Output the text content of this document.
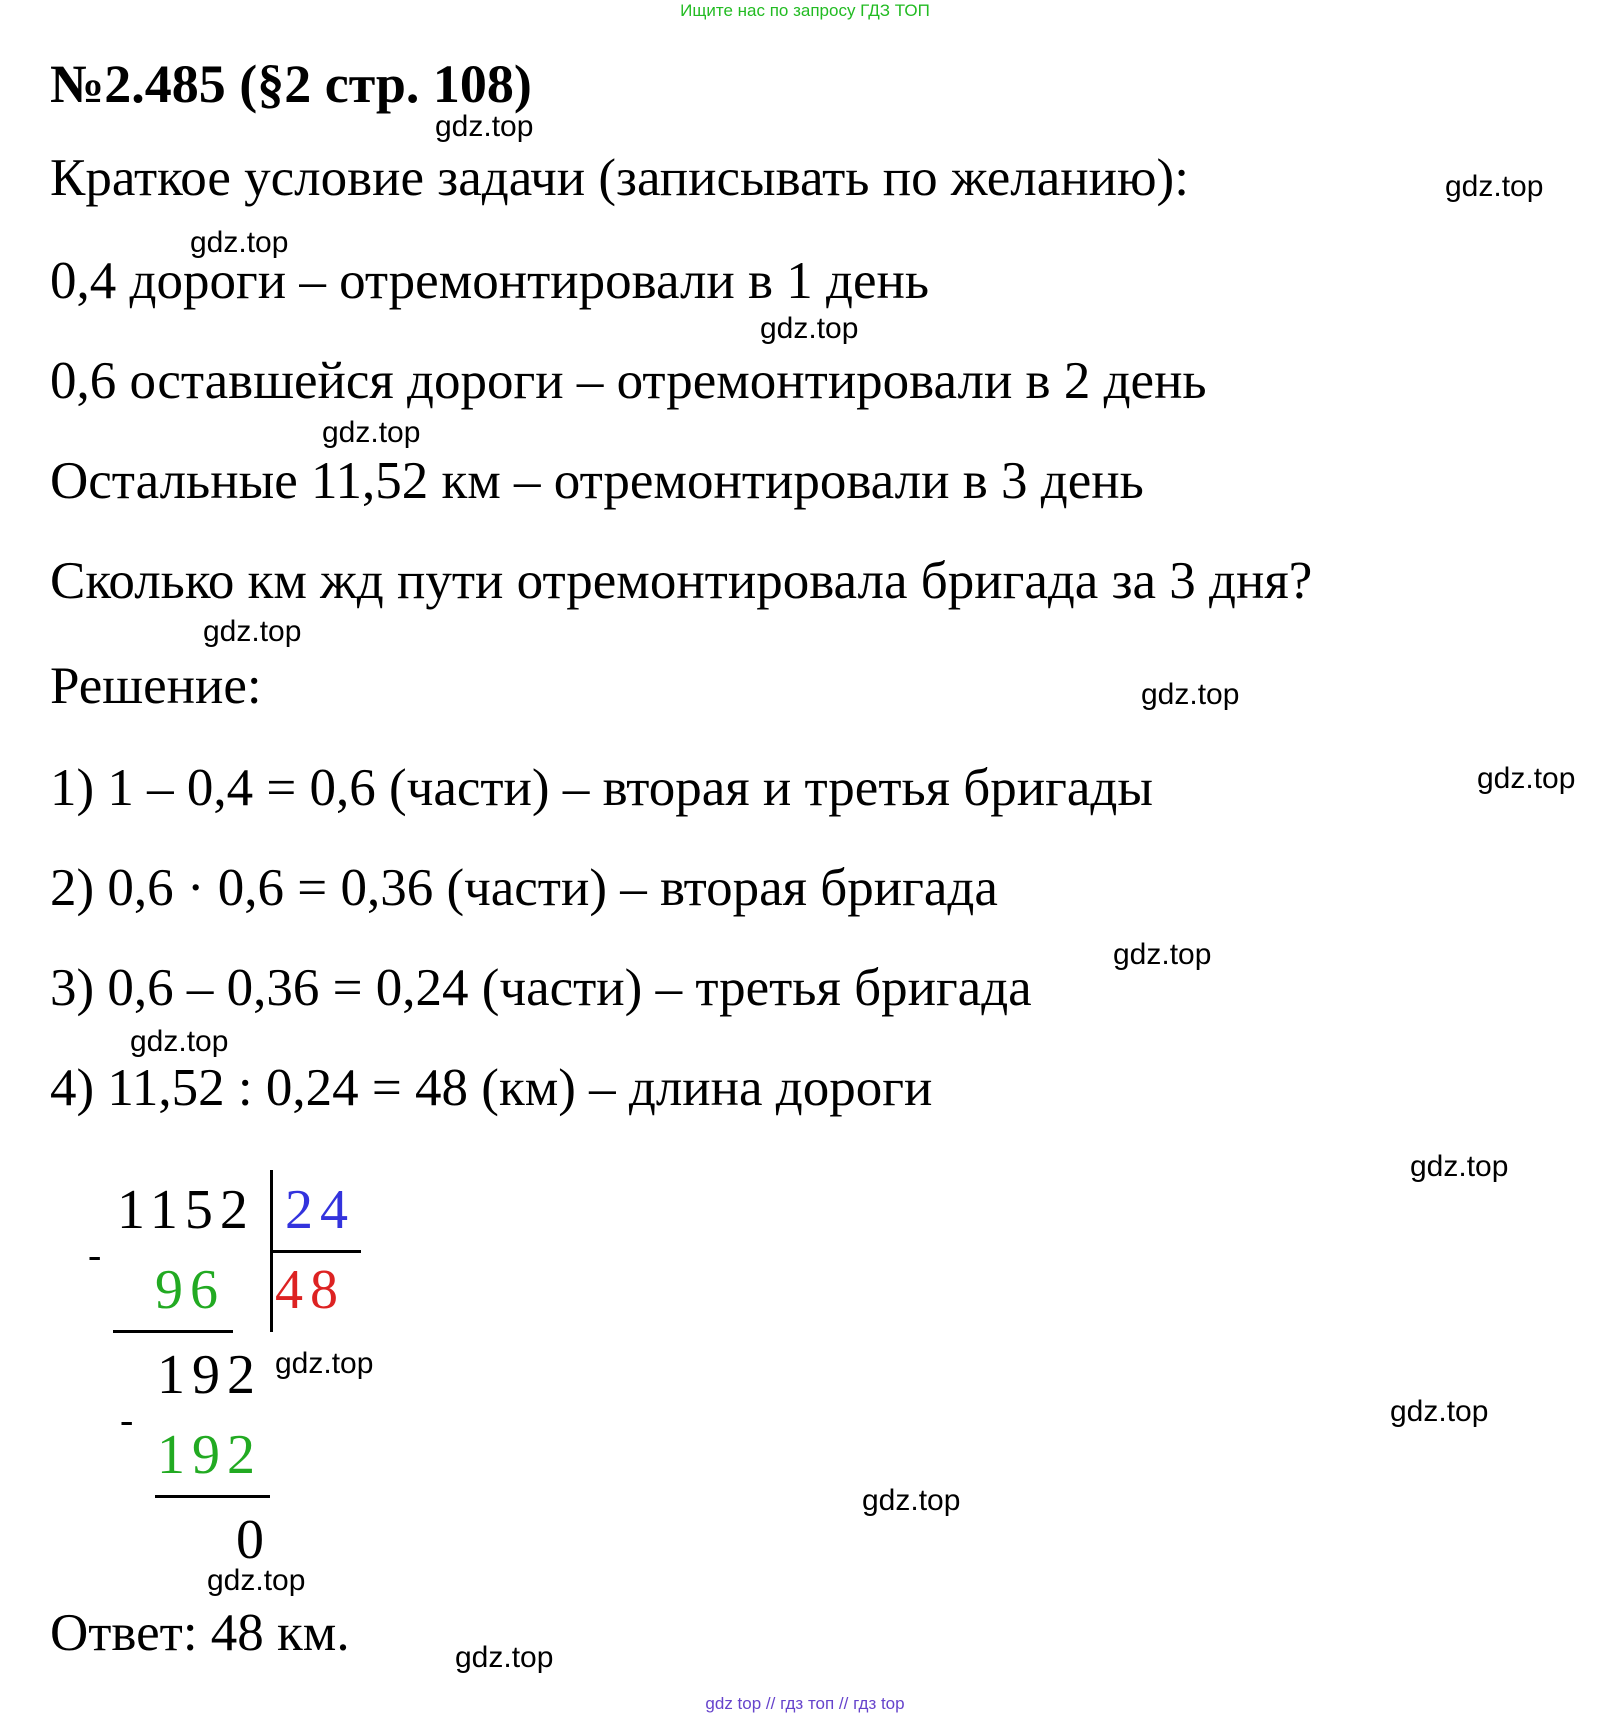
Ищите нас по запросу ГДЗ ТОП
№2.485 (§2 стр. 108)
Краткое условие задачи (записывать по желанию):
0,4 дороги – отремонтировали в 1 день
0,6 оставшейся дороги – отремонтировали в 2 день
Остальные 11,52 км – отремонтировали в 3 день
Сколько км жд пути отремонтировала бригада за 3 дня?
Решение:
1) 1 – 0,4 = 0,6 (части) – вторая и третья бригады
2) 0,6 · 0,6 = 0,36 (части) – вторая бригада
3) 0,6 – 0,36 = 0,24 (части) – третья бригада
4) 11,52 : 0,24 = 48 (км) – длина дороги
1152 24
-
96 48
192
-
192
0
Ответ: 48 км.
gdz.top
gdz.top
gdz.top
gdz.top
gdz.top
gdz.top
gdz.top
gdz.top
gdz.top
gdz.top
gdz.top
gdz.top
gdz.top
gdz.top
gdz.top
gdz.top
gdz top // гдз топ // гдз top
